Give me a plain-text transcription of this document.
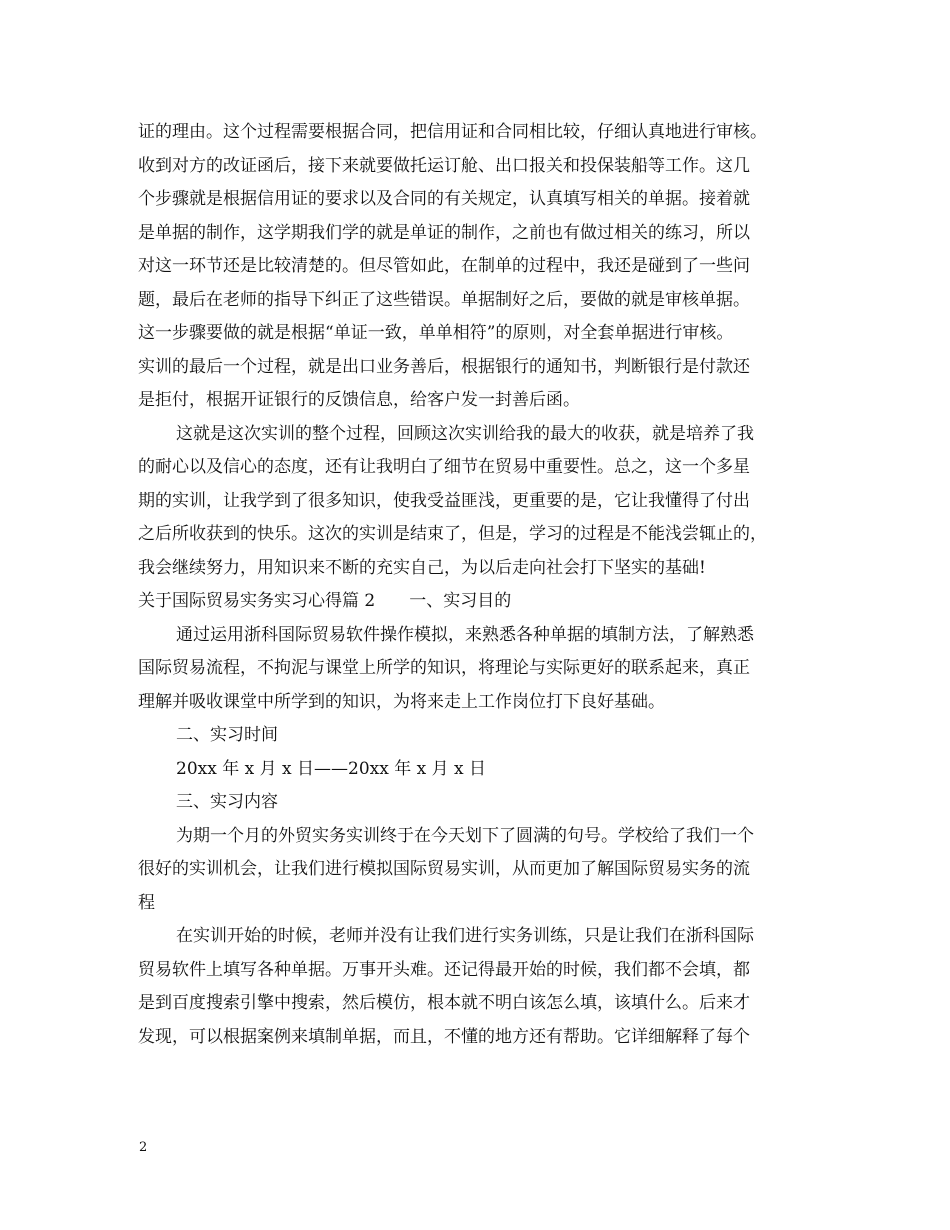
证的理由。这个过程需要根据合同，把信用证和合同相比较，仔细认真地进行审核。
收到对方的改证函后，接下来就要做托运订舱、出口报关和投保装船等工作。这几
个步骤就是根据信用证的要求以及合同的有关规定，认真填写相关的单据。接着就
是单据的制作，这学期我们学的就是单证的制作，之前也有做过相关的练习，所以
对这一环节还是比较清楚的。但尽管如此，在制单的过程中，我还是碰到了一些问
题，最后在老师的指导下纠正了这些错误。单据制好之后，要做的就是审核单据。
这一步骤要做的就是根据“单证一致，单单相符”的原则，对全套单据进行审核。
实训的最后一个过程，就是出口业务善后，根据银行的通知书，判断银行是付款还
是拒付，根据开证银行的反馈信息，给客户发一封善后函。
这就是这次实训的整个过程，回顾这次实训给我的最大的收获，就是培养了我
的耐心以及信心的态度，还有让我明白了细节在贸易中重要性。总之，这一个多星
期的实训，让我学到了很多知识，使我受益匪浅，更重要的是，它让我懂得了付出
之后所收获到的快乐。这次的实训是结束了，但是，学习的过程是不能浅尝辄止的，
我会继续努力，用知识来不断的充实自己，为以后走向社会打下坚实的基础!
关于国际贸易实务实习心得篇 2　　一、实习目的
通过运用浙科国际贸易软件操作模拟，来熟悉各种单据的填制方法，了解熟悉
国际贸易流程，不拘泥与课堂上所学的知识，将理论与实际更好的联系起来，真正
理解并吸收课堂中所学到的知识，为将来走上工作岗位打下良好基础。
二、实习时间
20xx 年 x 月 x 日——20xx 年 x 月 x 日
三、实习内容
为期一个月的外贸实务实训终于在今天划下了圆满的句号。学校给了我们一个
很好的实训机会，让我们进行模拟国际贸易实训，从而更加了解国际贸易实务的流
程
在实训开始的时候，老师并没有让我们进行实务训练，只是让我们在浙科国际
贸易软件上填写各种单据。万事开头难。还记得最开始的时候，我们都不会填，都
是到百度搜索引擎中搜索，然后模仿，根本就不明白该怎么填，该填什么。后来才
发现，可以根据案例来填制单据，而且，不懂的地方还有帮助。它详细解释了每个
2
